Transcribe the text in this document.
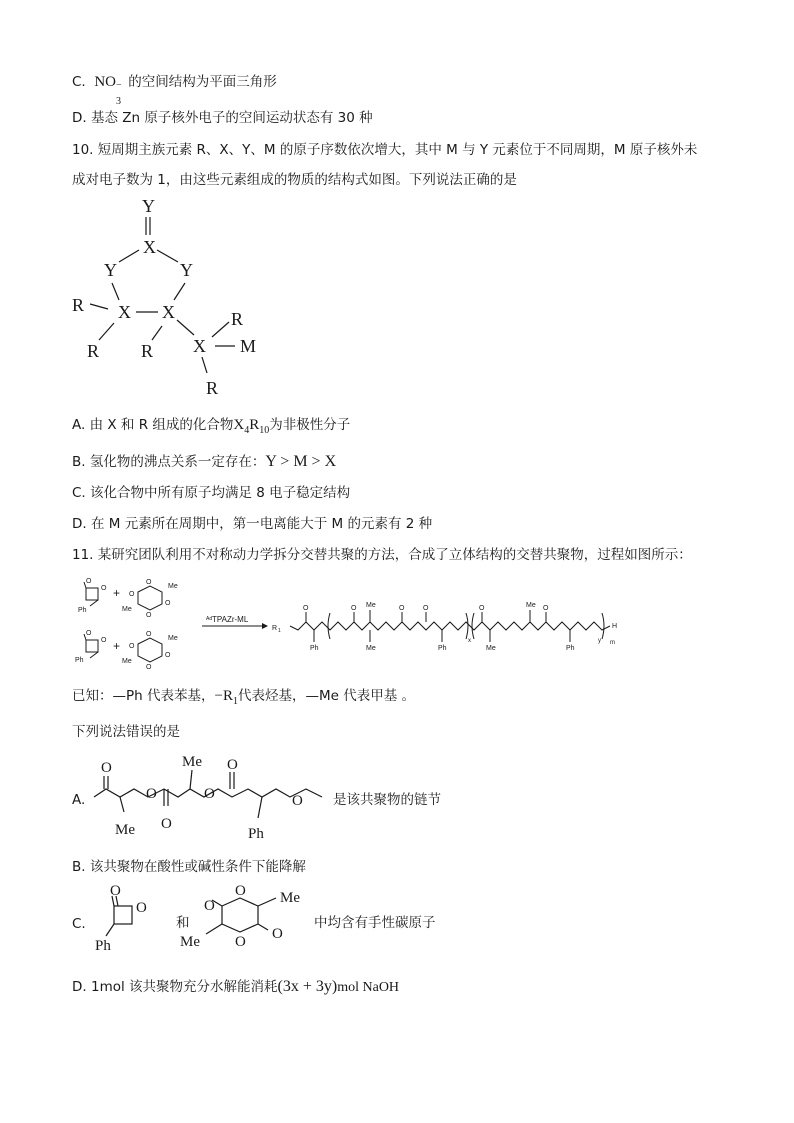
C. NO −
3
的空间结构为平面三角形
D. 基态 Zn 原子核外电子的空间运动状态有 30 种
10. 短周期主族元素 R、X、Y、M 的原子序数依次增大，其中 M 与 Y 元素位于不同周期，M 原子核外未
成对电子数为 1，由这些元素组成的物质的结构式如图。下列说法正确的是
Y
X
Y	Y
R X X	R
R R X M
R
A. 由 X 和 R 组成的化合物$X_4R_{10}$为非极性分子
B. 氢化物的沸点关系一定存在：Y > M > X
C. 该化合物中所有原子均满足 8 电子稳定结构
D. 在 M 元素所在周期中，第一电离能大于 M 的元素有 2 种
11. 某研究团队利用不对称动力学拆分交替共聚的方法，合成了立体结构的交替共聚物，过程如图所示：
O
O
Ph
+
O
O
O
O
Me
Me
O
O
Ph
+
O
O
O
O
Me
Me
Ad TPAZr-ML
R 1
O
Ph
O Me
Me
O	O
Ph
x
O
Me
Me O
Ph
y m
H
已知：—Ph 代表苯基，$-R_1$代表烃基，—Me 代表甲基 。
下列说法错误的是
A.
O
O
O
O
O
O
Me
Me
Ph
是该共聚物的链节
B. 该共聚物在酸性或碱性条件下能降解
C.
O
O
Ph
O
O
O O
Me
Me
和	中均含有手性碳原子
D. 1mol 该共聚物充分水解能消耗(3x + 3y)mol NaOH
